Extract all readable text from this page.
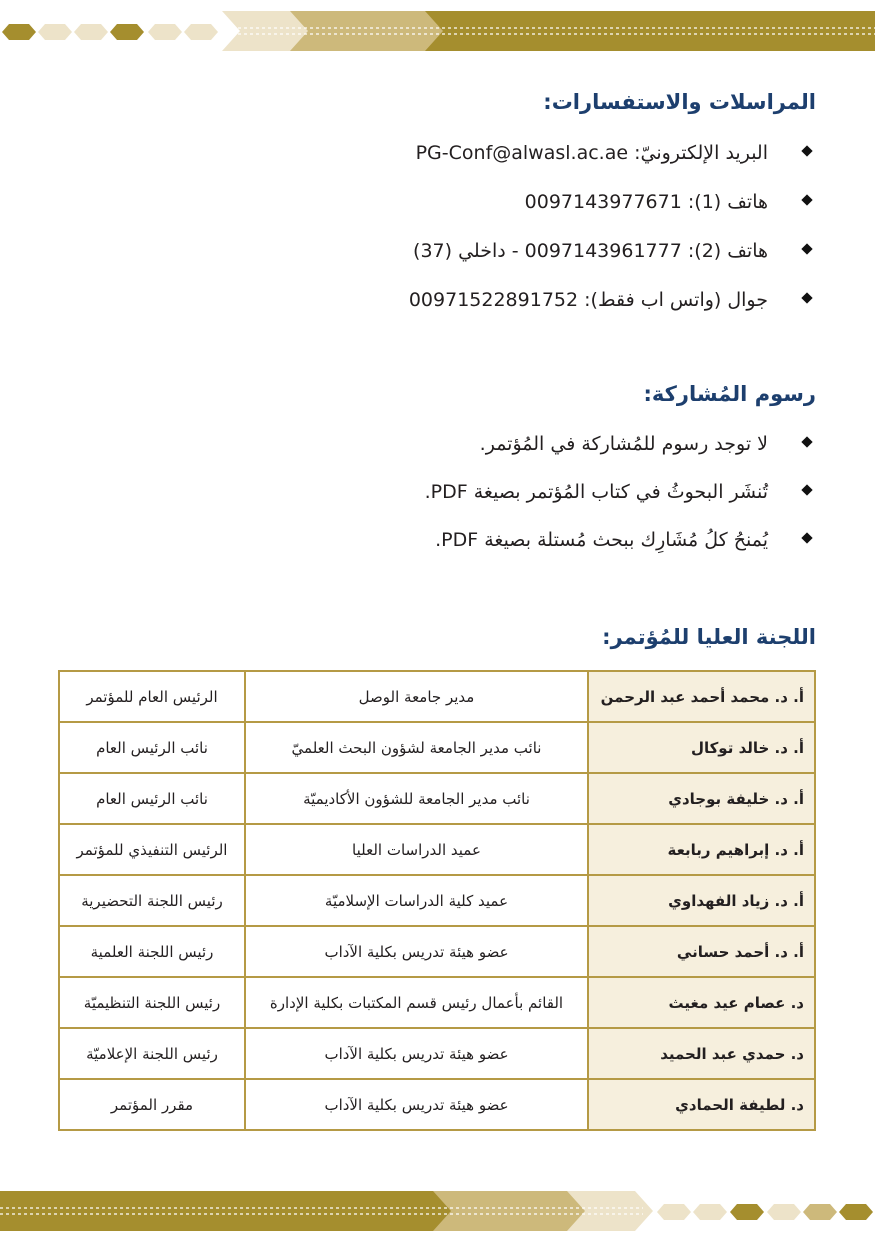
المراسلات والاستفسارات:
البريد الإلكترونيّ: PG-Conf@alwasl.ac.ae
هاتف (1): 0097143977671
هاتف (2): 0097143961777 - داخلي (37)
جوال (واتس اب فقط): 00971522891752
رسوم المُشاركة:
لا توجد رسوم للمُشاركة في المُؤتمر.
تُنشَر البحوثُ في كتاب المُؤتمر بصيغة PDF.
يُمنحُ كلُ مُشَارِك ببحث مُستلة بصيغة PDF.
اللجنة العليا للمُؤتمر:
أ. د. محمد أحمد عبد الرحمن	مدير جامعة الوصل	الرئيس العام للمؤتمر
أ. د. خالد توكال	نائب مدير الجامعة لشؤون البحث العلميّ	نائب الرئيس العام
أ. د. خليفة بوجادي	نائب مدير الجامعة للشؤون الأكاديميّة	نائب الرئيس العام
أ. د. إبراهيم ربابعة	عميد الدراسات العليا	الرئيس التنفيذي للمؤتمر
أ. د. زياد الفهداوي	عميد كلية الدراسات الإسلاميّة	رئيس اللجنة التحضيرية
أ. د. أحمد حساني	عضو هيئة تدريس بكلية الآداب	رئيس اللجنة العلمية
د. عصام عيد مغيث	القائم بأعمال رئيس قسم المكتبات بكلية الإدارة	رئيس اللجنة التنظيميّة
د. حمدي عبد الحميد	عضو هيئة تدريس بكلية الآداب	رئيس اللجنة الإعلاميّة
د. لطيفة الحمادي	عضو هيئة تدريس بكلية الآداب	مقرر المؤتمر
